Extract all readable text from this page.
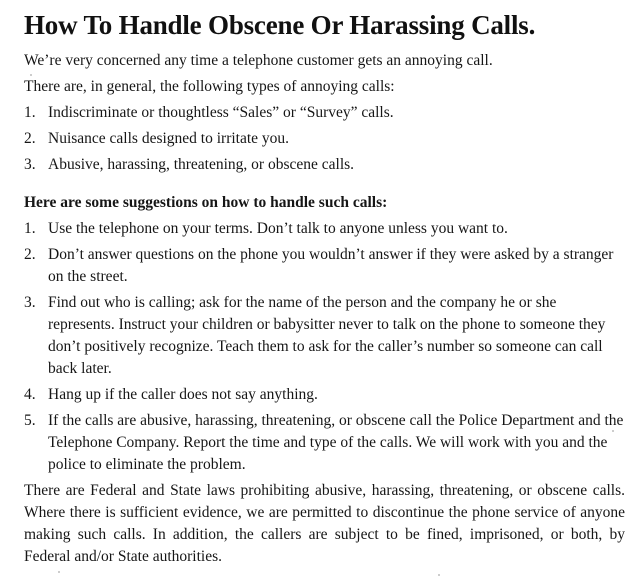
How To Handle Obscene Or Harassing Calls.

We’re very concerned any time a telephone customer gets an annoying call.

There are, in general, the following types of annoying calls:

1. Indiscriminate or thoughtless “Sales” or “Survey” calls.
2. Nuisance calls designed to irritate you.
3. Abusive, harassing, threatening, or obscene calls.
Here are some suggestions on how to handle such calls:
1. Use the telephone on your terms. Don’t talk to anyone unless you want to.
2. Don’t answer questions on the phone you wouldn’t answer if they were asked by a stranger on the street.
3. Find out who is calling; ask for the name of the person and the company he or she represents. Instruct your children or babysitter never to talk on the phone to someone they don’t positively recognize. Teach them to ask for the caller’s number so someone can call back later.
4. Hang up if the caller does not say anything.
5. If the calls are abusive, harassing, threatening, or obscene call the Police Department and the Telephone Company. Report the time and type of the calls. We will work with you and the police to eliminate the problem.

There are Federal and State laws prohibiting abusive, harassing, threatening, or obscene calls. Where there is sufficient evidence, we are permitted to discontinue the phone service of anyone making such calls. In addition, the callers are subject to be fined, imprisoned, or both, by Federal and/or State authorities.
